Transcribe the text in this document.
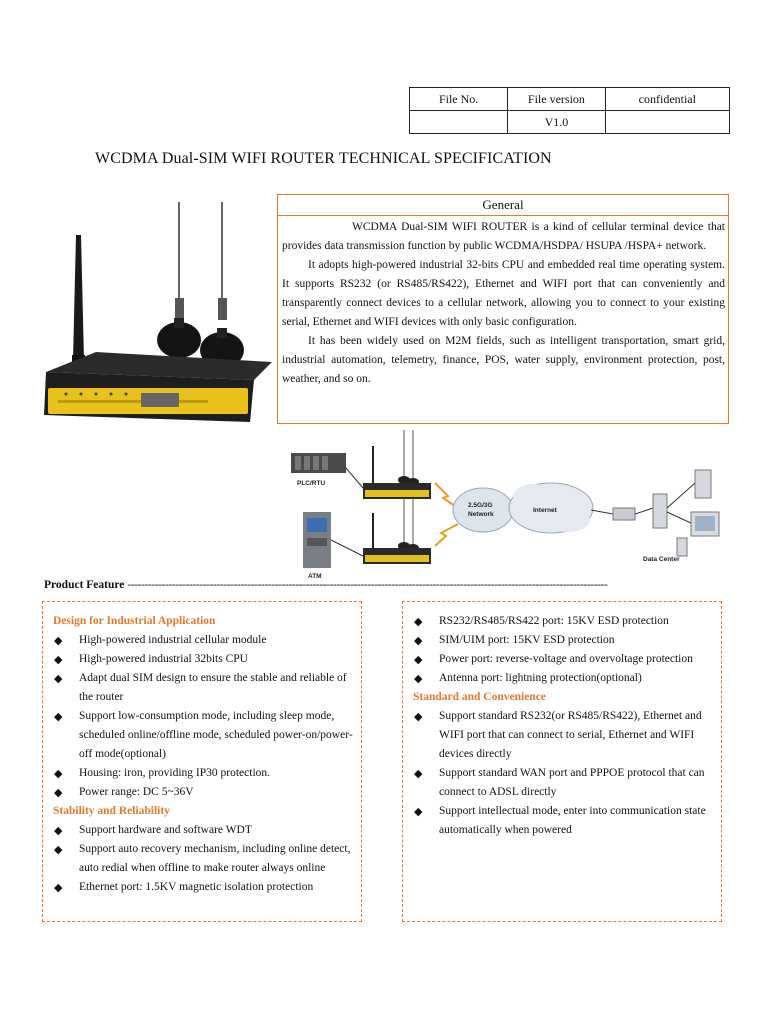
File No.	File version	confidential
	V1.0	
WCDMA Dual-SIM WIFI ROUTER TECHNICAL SPECIFICATION
General

WCDMA Dual-SIM WIFI ROUTER is a kind of cellular terminal device that provides data transmission function by public WCDMA/HSDPA/ HSUPA /HSPA+ network.

It adopts high-powered industrial 32-bits CPU and embedded real time operating system. It supports RS232 (or RS485/RS422), Ethernet and WIFI port that can conveniently and transparently connect devices to a cellular network, allowing you to connect to your existing serial, Ethernet and WIFI devices with only basic configuration.

It has been widely used on M2M fields, such as intelligent transportation, smart grid, industrial automation, telemetry, finance, POS, water supply, environment protection, post, weather, and so on.

PLC/RTU
ATM
2.5G/3G
Network
Internet
Data Center
Product Feature --------------------------------------------------------------------------------------------------------------------------------------------
Design for Industrial Application
◆ High-powered industrial cellular module
◆ High-powered industrial 32bits CPU
◆ Adapt dual SIM design to ensure the stable and reliable of the router
◆ Support low-consumption mode, including sleep mode, scheduled online/offline mode, scheduled power-on/power-off mode(optional)
◆ Housing: iron, providing IP30 protection.
◆ Power range: DC 5~36V
Stability and Reliability
◆ Support hardware and software WDT
◆ Support auto recovery mechanism, including online detect, auto redial when offline to make router always online
◆ Ethernet port: 1.5KV magnetic isolation protection
◆ RS232/RS485/RS422 port: 15KV ESD protection
◆ SIM/UIM port: 15KV ESD protection
◆ Power port: reverse-voltage and overvoltage protection
◆ Antenna port: lightning protection(optional)
Standard and Convenience
◆ Support standard RS232(or RS485/RS422), Ethernet and WIFI port that can connect to serial, Ethernet and WIFI devices directly
◆ Support standard WAN port and PPPOE protocol that can connect to ADSL directly
◆ Support intellectual mode, enter into communication state automatically when powered
